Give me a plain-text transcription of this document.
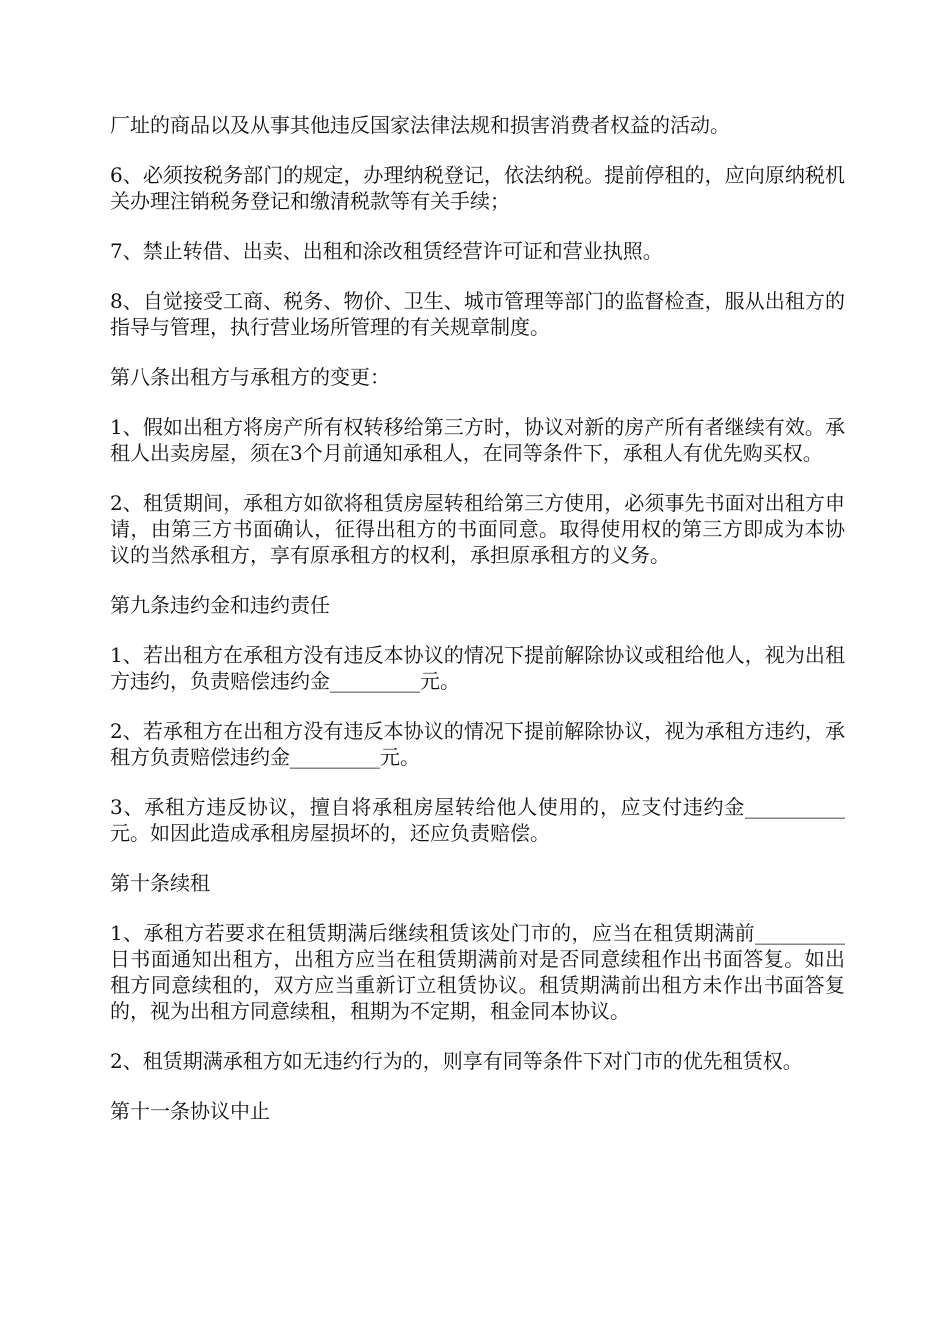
厂址的商品以及从事其他违反国家法律法规和损害消费者权益的活动。

6、必须按税务部门的规定，办理纳税登记，依法纳税。提前停租的，应向原纳税机关办理注销税务登记和缴清税款等有关手续；

7、禁止转借、出卖、出租和涂改租赁经营许可证和营业执照。

8、自觉接受工商、税务、物价、卫生、城市管理等部门的监督检查，服从出租方的指导与管理，执行营业场所管理的有关规章制度。

第八条出租方与承租方的变更：

1、假如出租方将房产所有权转移给第三方时，协议对新的房产所有者继续有效。承租人出卖房屋，须在3个月前通知承租人，在同等条件下，承租人有优先购买权。

2、租赁期间，承租方如欲将租赁房屋转租给第三方使用，必须事先书面对出租方申请，由第三方书面确认，征得出租方的书面同意。取得使用权的第三方即成为本协议的当然承租方，享有原承租方的权利，承担原承租方的义务。

第九条违约金和违约责任

1、若出租方在承租方没有违反本协议的情况下提前解除协议或租给他人，视为出租方违约，负责赔偿违约金_________元。

2、若承租方在出租方没有违反本协议的情况下提前解除协议，视为承租方违约，承租方负责赔偿违约金_________元。

3、承租方违反协议，擅自将承租房屋转给他人使用的，应支付违约金__________元。如因此造成承租房屋损坏的，还应负责赔偿。

第十条续租

1、承租方若要求在租赁期满后继续租赁该处门市的，应当在租赁期满前_________日书面通知出租方，出租方应当在租赁期满前对是否同意续租作出书面答复。如出租方同意续租的，双方应当重新订立租赁协议。租赁期满前出租方未作出书面答复的，视为出租方同意续租，租期为不定期，租金同本协议。

2、租赁期满承租方如无违约行为的，则享有同等条件下对门市的优先租赁权。

第十一条协议中止
